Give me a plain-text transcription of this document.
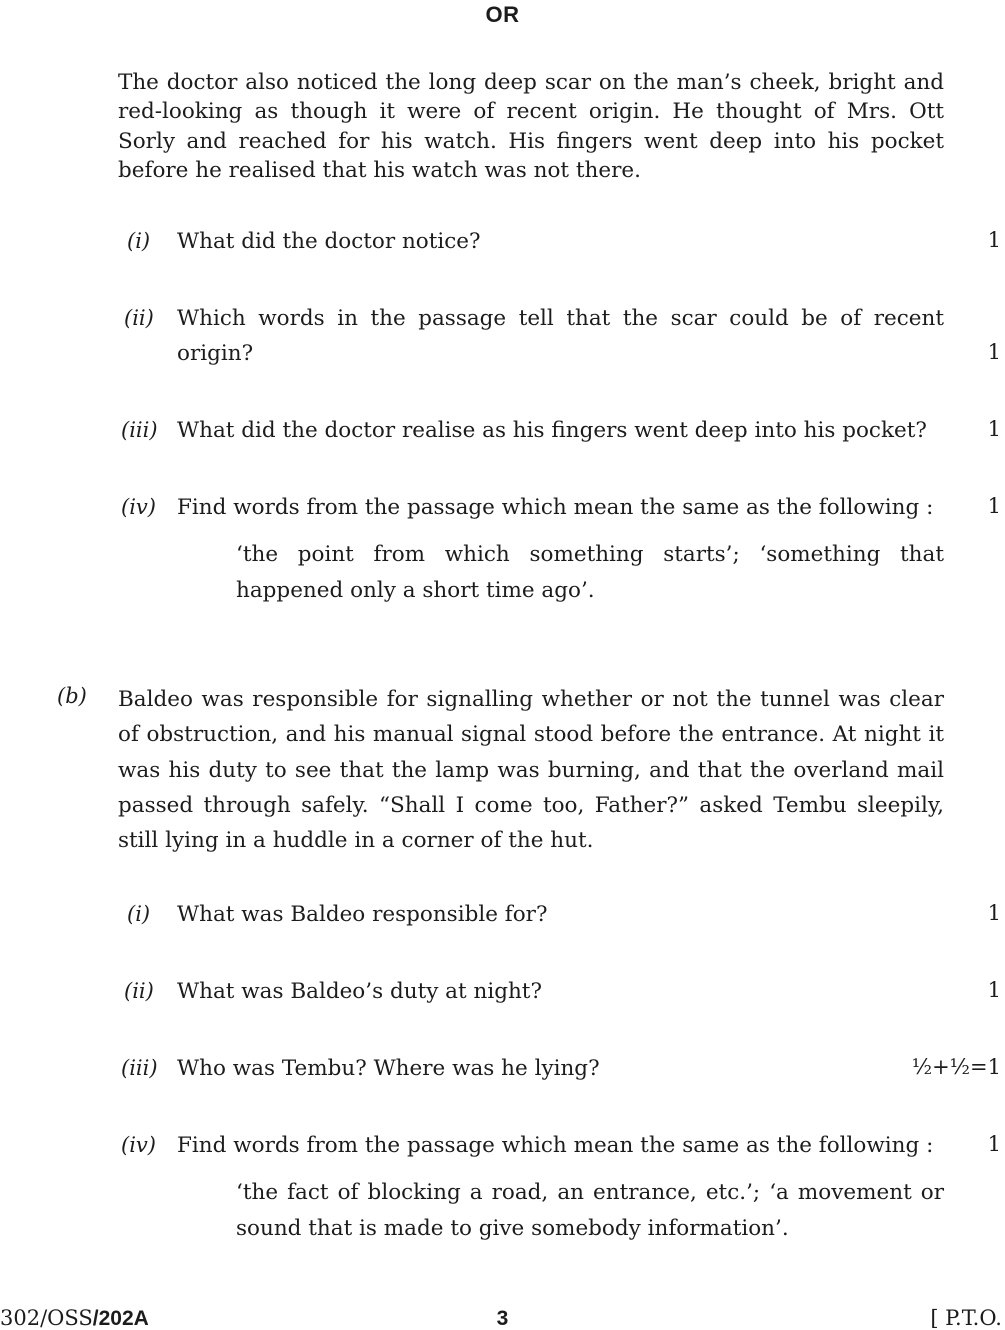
OR

The doctor also noticed the long deep scar on the man’s cheek, bright and red-looking as though it were of recent origin. He thought of Mrs. Ott Sorly and reached for his watch. His fingers went deep into his pocket before he realised that his watch was not there.

(i) What did the doctor notice?	1
(ii) Which words in the passage tell that the scar could be of recent origin?	1
(iii) What did the doctor realise as his fingers went deep into his pocket?	1
(iv) Find words from the passage which mean the same as the following :	1
‘the point from which something starts’; ‘something that happened only a short time ago’.
(b) Baldeo was responsible for signalling whether or not the tunnel was clear of obstruction, and his manual signal stood before the entrance. At night it was his duty to see that the lamp was burning, and that the overland mail passed through safely. “Shall I come too, Father?” asked Tembu sleepily, still lying in a huddle in a corner of the hut.

(i) What was Baldeo responsible for?	1
(ii) What was Baldeo’s duty at night?	1
(iii) Who was Tembu? Where was he lying?	½+½=1
(iv) Find words from the passage which mean the same as the following :	1
‘the fact of blocking a road, an entrance, etc.’; ‘a movement or sound that is made to give somebody information’.
302/OSS/202A	3	[ P.T.O.
